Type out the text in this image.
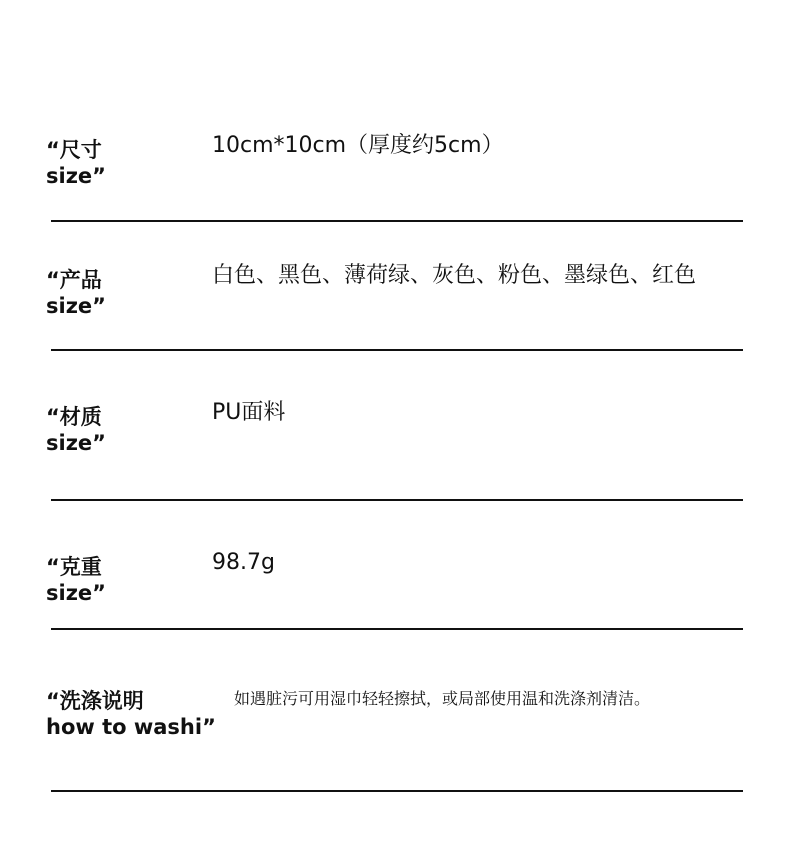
“尺寸
size”
10cm*10cm（厚度约5cm）
“产品
size”
白色、黑色、薄荷绿、灰色、粉色、墨绿色、红色
“材质
size”
PU面料
“克重
size”
98.7g
“洗涤说明
how to washi”
如遇脏污可用湿巾轻轻擦拭，或局部使用温和洗涤剂清洁。
